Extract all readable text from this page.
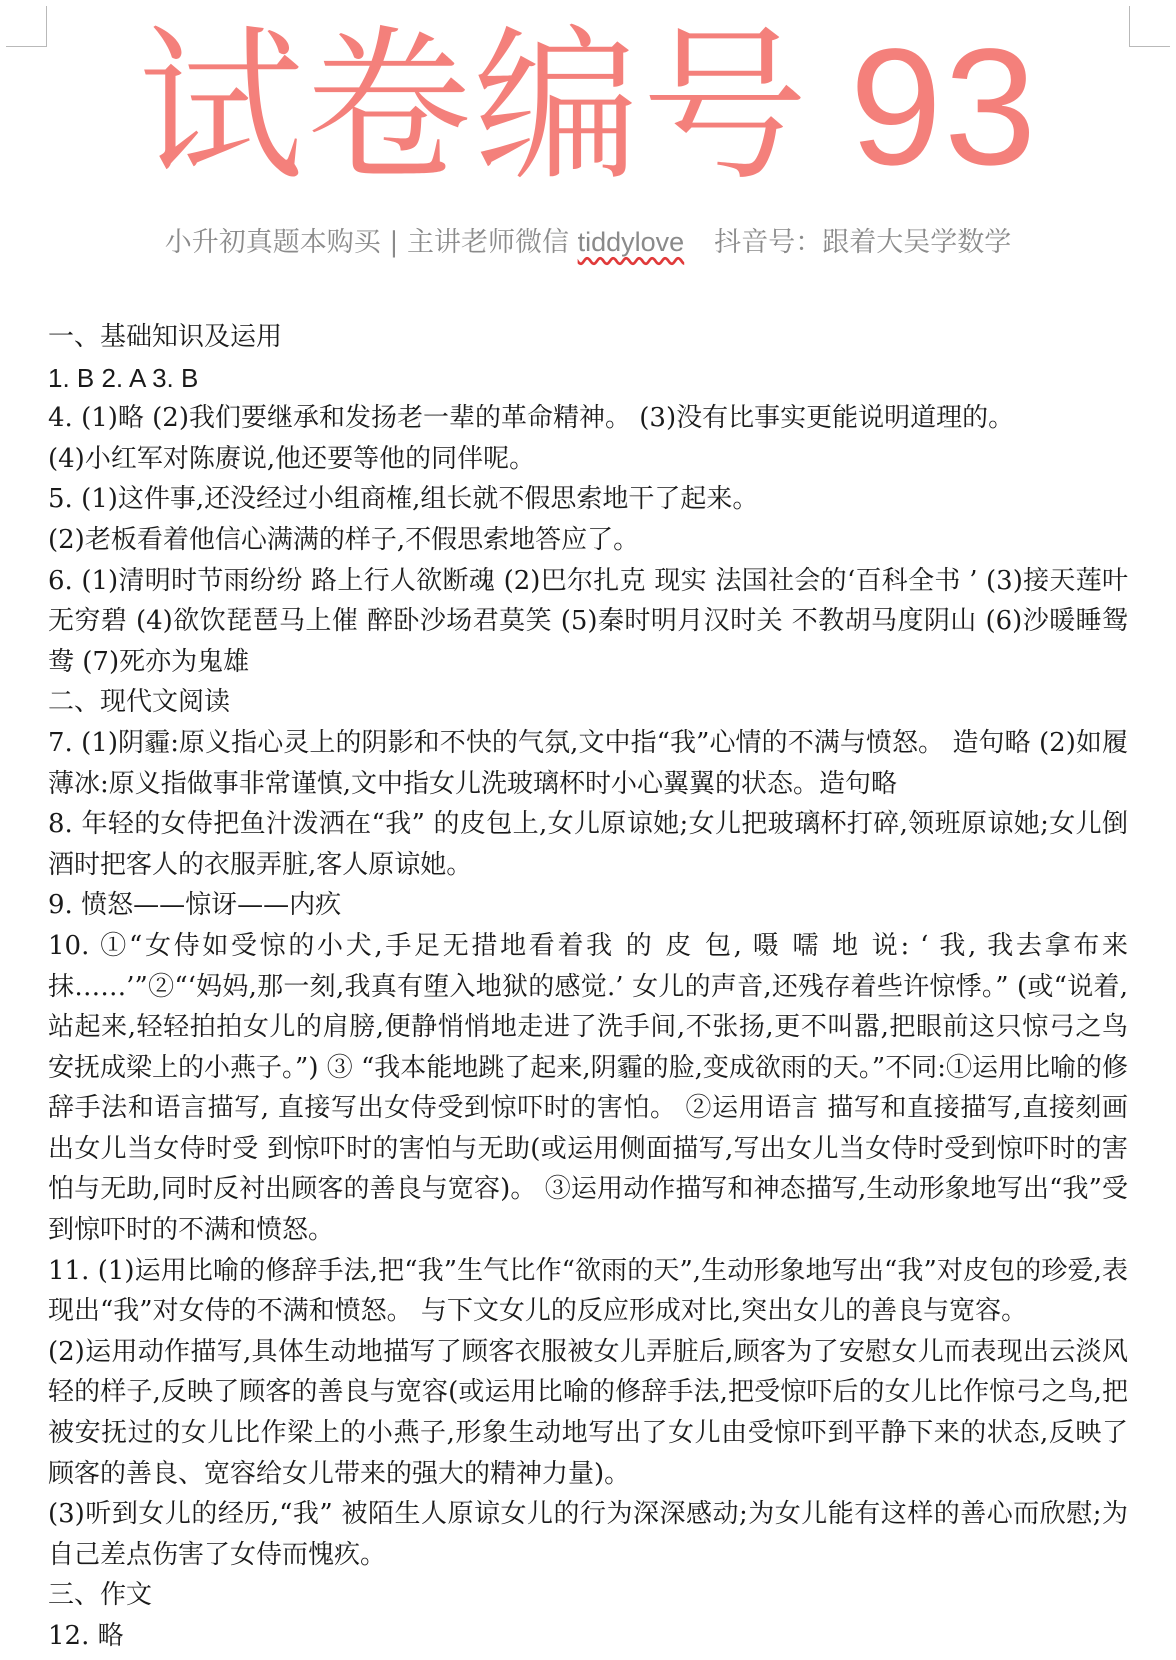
试卷编号 93
小升初真题本购买 | 主讲老师微信 tiddylove 抖音号：跟着大吴学数学

一、基础知识及运用

1. B 2. A 3. B

4. (1)略 (2)我们要继承和发扬老一辈的革命精神。 (3)没有比事实更能说明道理的。

(4)小红军对陈赓说,他还要等他的同伴呢。

5. (1)这件事,还没经过小组商榷,组长就不假思索地干了起来。

(2)老板看着他信心满满的样子,不假思索地答应了。

6. (1)清明时节雨纷纷 路上行人欲断魂 (2)巴尔扎克 现实 法国社会的‘百科全书 ’ (3)接天莲叶无穷碧 (4)欲饮琵琶马上催 醉卧沙场君莫笑 (5)秦时明月汉时关 不教胡马度阴山 (6)沙暖睡鸳鸯 (7)死亦为鬼雄

二、现代文阅读

7. (1)阴霾:原义指心灵上的阴影和不快的气氛,文中指“我”心情的不满与愤怒。 造句略 (2)如履薄冰:原义指做事非常谨慎,文中指女儿洗玻璃杯时小心翼翼的状态。造句略

8. 年轻的女侍把鱼汁泼洒在“我” 的皮包上,女儿原谅她;女儿把玻璃杯打碎,领班原谅她;女儿倒酒时把客人的衣服弄脏,客人原谅她。

9. 愤怒——惊讶——内疚

10. ①“女侍如受惊的小犬,手足无措地看着我 的 皮 包, 嗫 嚅 地 说: ‘ 我, 我去拿布来抹……’”②“‘妈妈,那一刻,我真有堕入地狱的感觉.’ 女儿的声音,还残存着些许惊悸。” (或“说着,站起来,轻轻拍拍女儿的肩膀,便静悄悄地走进了洗手间,不张扬,更不叫嚣,把眼前这只惊弓之鸟安抚成梁上的小燕子。”) ③ “我本能地跳了起来,阴霾的脸,变成欲雨的天。”不同:①运用比喻的修辞手法和语言描写, 直接写出女侍受到惊吓时的害怕。 ②运用语言 描写和直接描写,直接刻画出女儿当女侍时受 到惊吓时的害怕与无助(或运用侧面描写,写出女儿当女侍时受到惊吓时的害怕与无助,同时反衬出顾客的善良与宽容)。 ③运用动作描写和神态描写,生动形象地写出“我”受到惊吓时的不满和愤怒。

11. (1)运用比喻的修辞手法,把“我”生气比作“欲雨的天”,生动形象地写出“我”对皮包的珍爱,表现出“我”对女侍的不满和愤怒。 与下文女儿的反应形成对比,突出女儿的善良与宽容。

(2)运用动作描写,具体生动地描写了顾客衣服被女儿弄脏后,顾客为了安慰女儿而表现出云淡风轻的样子,反映了顾客的善良与宽容(或运用比喻的修辞手法,把受惊吓后的女儿比作惊弓之鸟,把被安抚过的女儿比作梁上的小燕子,形象生动地写出了女儿由受惊吓到平静下来的状态,反映了顾客的善良、宽容给女儿带来的强大的精神力量)。

(3)听到女儿的经历,“我” 被陌生人原谅女儿的行为深深感动;为女儿能有这样的善心而欣慰;为自己差点伤害了女侍而愧疚。

三、作文

12. 略
